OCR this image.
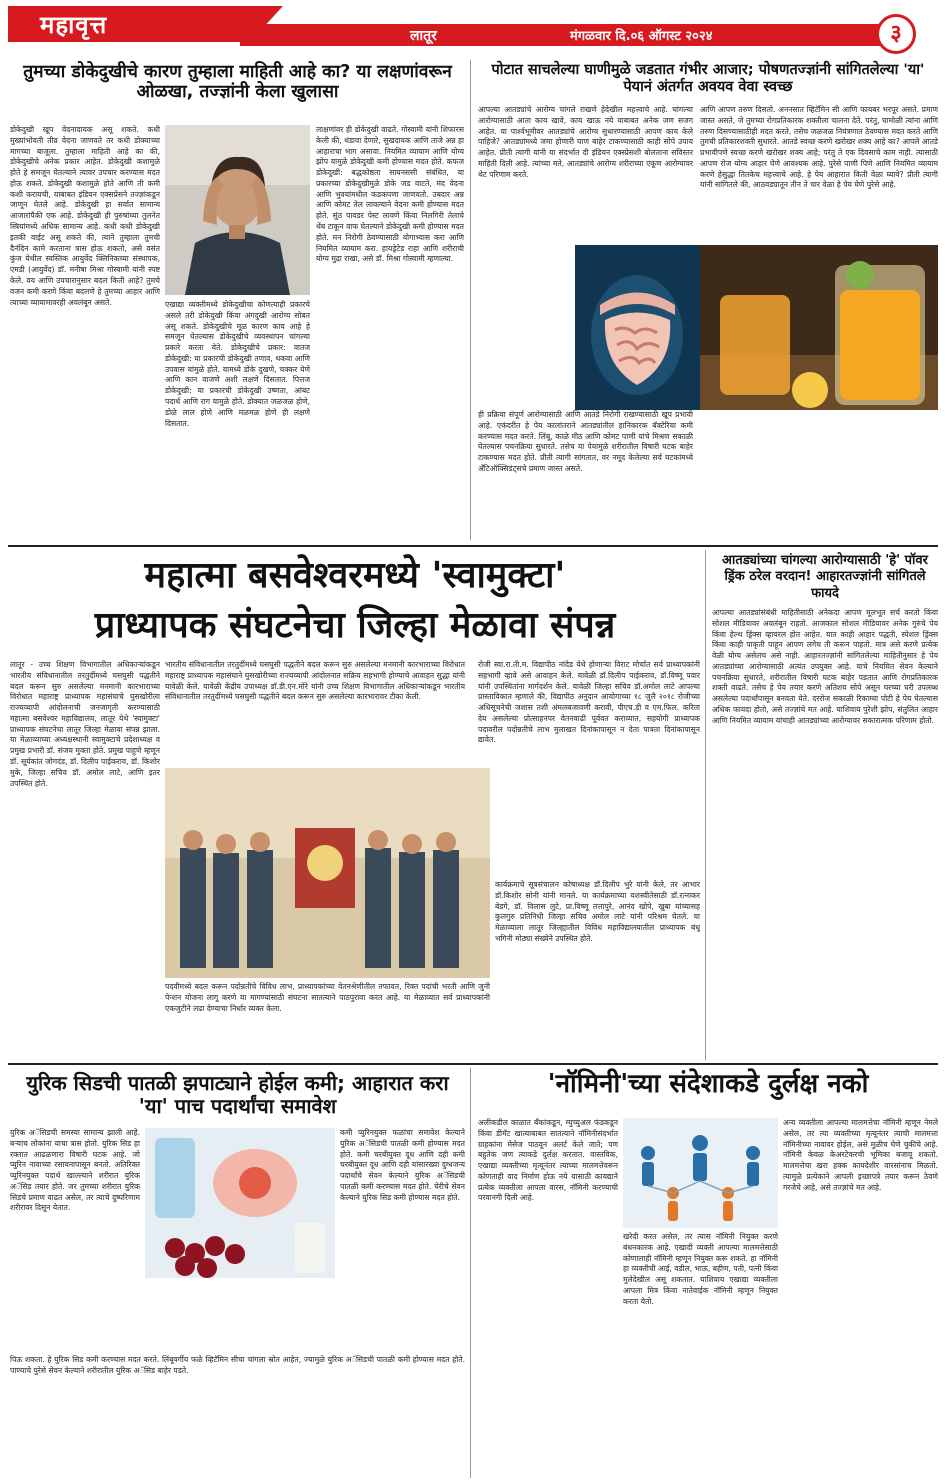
महावृत्त	लातूर	मंगळवार दि.०६ ऑगस्ट २०२४	३
तुमच्या डोकेदुखीचे कारण तुम्हाला माहिती आहे का? या लक्षणांवरून ओळखा, तज्ज्ञांनी केला खुलासा
डोकेदुखी खूप वेदनादायक असू शकते. कधी मुख्यांभोवती तीव्र वेदना जाणवते तर कधी डोक्याच्या मागच्या बाजूला. तुम्हाला माहिती आहे का की, डोकेदुखीचे अनेक प्रकार आहेत. डोकेदुखी कशामुळे होते हे समजून घेतल्याने त्यावर उपचार करण्यास मदत होऊ शकते. डोकेदुखी कशामुळे होते आणि ती कमी कशी करायची, याबाबत इंडियन एक्सप्रेसने तज्ज्ञांकडून जाणून घेतले आहे. डोकेदुखी हा सर्वात सामान्य आजारांपैकी एक आहे. डोकेदुखी ही पुरुषांच्या तुलनेत स्त्रियांमध्ये अधिक सामान्य आहे. कधी कधी डोकेदुखी इतकी वाईट असू शकते की, त्याने तुम्हाला तुमची दैनंदिन कामे करताना त्रास होऊ शकतो, असे वसंत कुंज येथील स्वस्तिक आयुर्वेद क्लिनिकच्या संस्थापक, एमडी (आयुर्वेद) डॉ. मनीषा मिश्रा गोस्वामी यांनी स्पष्ट केले. वय आणि उपचारानुसार बदल किती आहे? तुमचे वजन कमी करणे किंवा बदलणे हे तुमच्या आहार आणि त्याच्या व्यायामावरही अवलंबून असते.	एखाद्या व्यक्तीमध्ये डोकेदुखीचा कोणत्याही प्रकारचे असले तरी डोकेदुखी किंवा अंगदुखी आरोग्य सोबत असू शकते. डोकेदुखीचे मूळ कारण काय आहे हे समजून घेतल्यास डोकेदुखीचे व्यवस्थापन चांगल्या प्रकारे करता येते. डोकेदुखीचे प्रकार: वातज डोकेदुखी: या प्रकारची डोकेदुखी तणाव, थकवा आणि उपवास यांमुळे होते. यामध्ये डोके दुखणे, चक्कर येणे आणि कान वाजणे अशी लक्षणे दिसतात. पित्तज डोकेदुखी: या प्रकारची डोकेदुखी उष्णता, आंबट पदार्थ आणि राग यामुळे होते. डोक्यात जळजळ होणे, डोळे लाल होणे आणि मळमळ होणे ही लक्षणे दिसतात.
लाक्षणांवर ही डोकेदुखी वाढते. गोस्वामी यांनी शिफारस केली की, थंडावा देणारे, सुखदायक आणि ताजे अन्न हा आहाराचा भाग असावा. नियमित व्यायाम आणि योग्य झोप यामुळे डोकेदुखी कमी होण्यास मदत होते. कफज डोकेदुखी: बद्धकोष्ठता सायनससी संबंधित, या प्रकारच्या डोकेदुखीमुळे डोके जड वाटते, मंद वेदना आणि भुवयांमधील कडकपणा जाणवतो. उबदार अन्न आणि कोमट तेल लावल्याने वेदना कमी होण्यास मदत होते. सुंठ पावडर पेस्ट लावणे किंवा निलगिरी तेलाचे थेंब टाकून वाफ घेतल्याने डोकेदुखी कमी होण्यास मदत होते. मन निरोगी ठेवण्यासाठी योगाभ्यास करा आणि नियमित व्यायाम करा. हायड्रेटेड राहा आणि शरीराची योग्य मुद्रा राखा, असे डॉ. मिश्रा गोस्वामी म्हणाल्या.
पोटात साचलेल्या घाणीमुळे जडतात गंभीर आजार; पोषणतज्ज्ञांनी सांगितलेल्या 'या' पेयानं अंतर्गत अवयव वेवा स्वच्छ
आपल्या आतड्यांचे आरोग्य चांगले राखणे हेदेखील महत्त्वाचे आहे. चांगल्या आरोग्यासाठी आता काय खावे, काय खाऊ नये याबाबत अनेक जण सजग आहेत. या पार्श्वभूमीवर आतड्यांचे आरोग्य सुधारण्यासाठी आपण काय केले पाहिजे? आतड्यांमध्ये जमा होणारी घाण बाहेर टाकण्यासाठी काही सोपे उपाय आहेत. प्रीती त्यागी यांनी या संदर्भात दी इंडियन एक्स्प्रेसशी बोलताना सविस्तर माहिती दिली आहे. त्यांच्या मते, आतड्यांचे आरोग्य शरीराच्या एकूण आरोग्यावर थेट परिणाम करते.
ही प्रक्रिया संपूर्ण आरोग्यासाठी आणि आतडे निरोगी राखण्यासाठी खूप प्रभावी आहे. एकंदरीत हे पेय कालांतराने आतड्यांतील हानिकारक बॅक्टेरिया कमी करण्यास मदत करते. लिंबू, काळे मीठ आणि कोमट पाणी यांचे मिश्रण सकाळी घेतल्यास पचनक्रिया सुधारते. तसेच या पेयामुळे शरीरातील विषारी घटक बाहेर टाकण्यास मदत होते. प्रीती त्यागी सांगतात, वर नमूद केलेल्या सर्व घटकांमध्ये अँटिऑक्सिडंट्सचे प्रमाण जास्त असते.
आणि आपण तरुण दिसतो. अननसात व्हिटॅमिन सी आणि फायबर भरपूर असते. प्रमाण जास्त असते, जे तुमच्या रोगप्रतिकारक शक्तीला चालना देते. परंतु, घामोळी त्यांना आणि तरुण दिसण्यासाठीही मदत करते. तसेच जळजळ नियंत्रणात ठेवण्यास मदत करते आणि तुमची प्रतिकारशक्ती सुधारते. आतडे स्वच्छ करणे खरोखर शक्य आहे का? आपले आतडे प्रभावीपणे स्वच्छ करणे खरोखर शक्य आहे; परंतु ते एक दिवसाचे काम नाही. त्यासाठी आपण रोज योग्य आहार घेणे आवश्यक आहे. पुरेसे पाणी पिणे आणि नियमित व्यायाम करणे हेसुद्धा तितकेच महत्त्वाचे आहे. हे पेय आहारात किती वेळा घ्यावे? प्रीती त्यागी यांनी सांगितले की, आठवड्यातून तीन ते चार वेळा हे पेय घेणे पुरेसे आहे.
महात्मा बसवेश्वरमध्ये 'स्वामुक्टा'
प्राध्यापक संघटनेचा जिल्हा मेळावा संपन्न
लातूर - उच्च शिक्षण विभागातील अधिकाऱ्यांकडून भारतीय संविधानातील तरतुदींमध्ये घसघुसी पद्धतीने बदल करून सुरु असलेल्या मनमानी कारभाराच्या विरोधात महाराष्ट्र प्राध्यापक महासंघाचे घुसखोरीला राज्यव्यापी आंदोलनाची जनजागृती करण्यासाठी महात्मा बसवेश्वर महाविद्यालय, लातूर येथे 'स्वामुक्टा' प्राध्यापक संघटनेचा लातूर जिल्हा मेळावा संपन्न झाला. या मेळाव्याच्या अध्यक्षस्थानी स्वामुक्टाचे प्रदेशाध्यक्ष व प्रमुख प्रभारी डॉ. संजय मुक्ता होते. प्रमुख पाहुणे म्हणून डॉ. सूर्यकांत जोगदंड, डॉ. दिलीप पाईकराव, डॉ. किशोर मुके, जिल्हा सचिव डॉ. अमोल लाटे, आणि इतर उपस्थित होते.
भारतीय संविधानातील तरतुदींमध्ये घसघुसी पद्धतीने बदल करून सुरु असलेल्या मनमानी कारभाराच्या विरोधात महाराष्ट्र प्राध्यापक महासंघाने घुसखोरीच्या राज्यव्यापी आंदोलनात सक्रिय सहभागी होण्याचे आवाहन सुद्धा यांनी यावेळी केले. यावेळी केंद्रीय उपाध्यक्ष डॉ.डी.एन.मोरे यांनी उच्च शिक्षण विभागातील अधिकाऱ्यांकडून भारतीय संविधानातील तरतुदींमध्ये घसघुसी पद्धतीने बदल करून सुरु असलेल्या कारभारावर टीका केली.
रोजी स्वा.रा.ती.म. विद्यापीठ नांदेड येथे होणाऱ्या विराट मोर्चात सर्व प्राध्यापकांनी सहभागी व्हावे असे आवाहन केले. यावेळी डॉ.दिलीप पाईकराव, डॉ.विष्णू पवार यांनी उपस्थितांना मार्गदर्शन केले. यावेळी जिल्हा सचिव डॉ.अमोल लाटे आपल्या प्रास्ताविकात म्हणाले की, विद्यापीठ अनुदान आयोगाच्या १८ जुलै २०१८ रोजीच्या अधिसूचनेची जशास तशी अंमलबजावणी करावी, पीएच.डी व एम.फिल. करिता देय असलेल्या प्रोत्साहनपर वेतनवाढी पूर्ववत कराव्यात, सहयोगी प्राध्यापक पदावरील पदोन्नतीचे लाभ मुलाखत दिनांकापासून न देता पात्रता दिनांकापासून द्यावेत.
कार्यक्रमाचे सूत्रसंचालन कोषाध्यक्ष डॉ.दिलीप भुरे यांनी केले, तर आभार डॉ.किशोर सोनी यांनी मानले. या कार्यक्रमाच्या यशस्वीतेसाठी डॉ.रत्नाकर बेडगे, डॉ. विलास लुटे, प्रा.विष्णू तत्तापुरे, आनंद खोपे, खुबा यांच्यासह कुलगुरु प्रतिनिधी जिल्हा सचिव अमोल लाटे यांनी परिश्रम घेतले. या मेळाव्याला लातूर जिल्ह्यातील विविध महाविद्यालयातील प्राध्यापक बंधू भगिनी मोठ्या संख्येने उपस्थित होते.
पदवीमध्ये बदल करून पदोन्नतीचे विविध लाभ, प्राध्यापकांच्या वेतनश्रेणीतील तफावत, रिक्त पदांची भरती आणि जुनी पेन्शन योजना लागू करणे या मागण्यांसाठी संघटना सातत्याने पाठपुरावा करत आहे. या मेळाव्यात सर्व प्राध्यापकांनी एकजुटीने लढा देण्याचा निर्धार व्यक्त केला.
आतड्यांच्या चांगल्या आरोग्यासाठी 'हे' पॉवर ड्रिंक ठरेल वरदान! आहारतज्ज्ञांनी सांगितले फायदे
आपल्या आतड्यांसंबंधी माहितीसाठी अनेकदा आपण मूलभूत सर्च करतो किंवा सोशल मीडियावर अवलंबून राहतो. आजकाल सोशल मीडियावर अनेक गुरुंचे पेय किंवा हेल्थ ड्रिंक्स व्हायरल होत आहेत. यात काही आहार पद्धती, स्पेशल ड्रिंक्स किंवा काही पाकृती पाहून आपण लगेच ती करून पाहतो. मात्र असे करणे प्रत्येक वेळी योग्य असेलच असे नाही. आहारतज्ज्ञांनी सांगितलेल्या माहितीनुसार हे पेय आतड्यांच्या आरोग्यासाठी अत्यंत उपयुक्त आहे. याचे नियमित सेवन केल्याने पचनक्रिया सुधारते, शरीरातील विषारी घटक बाहेर पडतात आणि रोगप्रतिकारक शक्ती वाढते. तसेच हे पेय तयार करणे अतिशय सोपे असून घरच्या घरी उपलब्ध असलेल्या पदार्थांपासून बनवता येते. दररोज सकाळी रिकाम्या पोटी हे पेय घेतल्यास अधिक फायदा होतो, असे तज्ज्ञांचे मत आहे. याशिवाय पुरेशी झोप, संतुलित आहार आणि नियमित व्यायाम यांचाही आतड्यांच्या आरोग्यावर सकारात्मक परिणाम होतो.
युरिक सिडची पातळी झपाट्याने होईल कमी; आहारात करा 'या' पाच पदार्थांचा समावेश
युरिक अॅसिडची समस्या सामान्य झाली आहे. बऱ्याच लोकांना याचा त्रास होतो. युरिक सिड हा रक्तात आढळणारा विषारी घटक आहे. जो प्युरिन नावाच्या रसायनापासून बनतो. अतिरिक्त प्युरिनयुक्त पदार्थ खाल्ल्याने शरीरात युरिक अॅसिड तयार होते. जर तुमच्या शरीरात युरिक सिडचे प्रमाण वाढत असेल, तर त्याचे दुष्परिणाम शरीरावर दिसून येतात.
कमी प्युरिनयुक्त फळांचा समावेश केल्याने युरिक अॅसिडची पातळी कमी होण्यास मदत होते. कमी चरबीयुक्त दूध आणि दही कमी चरबीयुक्त दूध आणि दही यांसारख्या दुग्धजन्य पदार्थांचे सेवन केल्याने युरिक अॅसिडची पातळी कमी करण्यास मदत होते. चेरीचे सेवन केल्याने युरिक सिड कमी होण्यास मदत होते.
पिऊ शकता. हे युरिक सिड कमी करण्यास मदत करते. लिंबूवर्गीय फळे व्हिटॅमिन सीचा चांगला स्रोत आहेत, ज्यामुळे युरिक अॅसिडची पातळी कमी होण्यास मदत होते. पाण्याचे पुरेसे सेवन केल्याने शरीरातील युरिक अॅसिड बाहेर पडते.
'नॉमिनी'च्या संदेशाकडे दुर्लक्ष नको
अलीकडील काळात बँकांकडून, म्युच्युअल फंडकडून किंवा डीमॅट खात्याबाबत सातत्याने नॉमिनीसंदर्भात ग्राहकांना मेसेज पाठवून अलर्ट केले जाते; पण बहुतेक जण त्याकडे दुर्लक्ष करतात. वास्तविक, एखाद्या व्यक्तीच्या मृत्यूनंतर त्याच्या मालमत्तेवरून कोणताही वाद निर्माण होऊ नये यासाठी कायद्याने प्रत्येक व्यक्तीला आपला वारस, नॉमिनी करण्याची परवानगी दिली आहे.
खरेदी करत असेल, तर त्यास नॉमिनी नियुक्त करणे बंधनकारक आहे. एखादी व्यक्ती आपल्या मालमत्तेसाठी कोणालाही नॉमिनी म्हणून नियुक्त करू शकते. हा नॉमिनी हा व्यक्तीची आई, वडील, भाऊ, बहीण, पती, पत्नी किंवा मुलेदेखील असू शकतात. याशिवाय एखाद्या व्यक्तीला आपला मित्र किंवा नातेवाईक नॉमिनी म्हणून नियुक्त करता येतो.
अन्य व्यक्तीला आपल्या मालमत्तेचा नॉमिनी म्हणून नेमले असेल, तर त्या व्यक्तीच्या मृत्यूनंतर त्याची मालमत्ता नॉमिनीच्या नावावर होईल, असे मुळीच घेणे चुकीचे आहे. नॉमिनी केवळ केअरटेकरची भूमिका बजावू शकतो. मालमत्तेचा खरा हक्क कायदेशीर वारसांनाच मिळतो. त्यामुळे प्रत्येकाने आपली इच्छापत्रे तयार करून ठेवणे गरजेचे आहे, असे तज्ज्ञांचे मत आहे.
